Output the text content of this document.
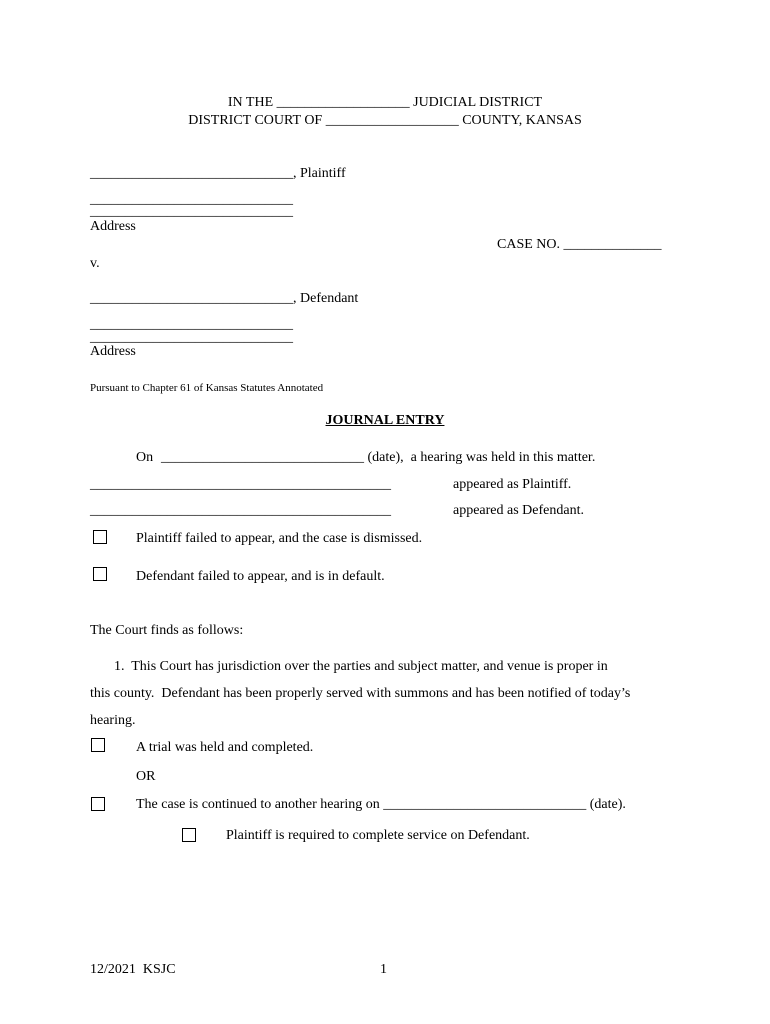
IN THE ___________________ JUDICIAL DISTRICT
DISTRICT COURT OF ___________________ COUNTY, KANSAS
_____________________________, Plaintiff
_____________________________
_____________________________
Address
CASE NO. ______________
v.
_____________________________, Defendant
_____________________________
_____________________________
Address
Pursuant to Chapter 61 of Kansas Statutes Annotated
JOURNAL ENTRY
On _____________________________ (date),  a hearing was held in this matter.
___________________________________________	appeared as Plaintiff.
___________________________________________	appeared as Defendant.
Plaintiff failed to appear, and the case is dismissed.
Defendant failed to appear, and is in default.
The Court finds as follows:
1.  This Court has jurisdiction over the parties and subject matter, and venue is proper in
this county.  Defendant has been properly served with summons and has been notified of today’s
hearing.
A trial was held and completed.
OR
The case is continued to another hearing on _____________________________ (date).
Plaintiff is required to complete service on Defendant.
12/2021  KSJC	1
